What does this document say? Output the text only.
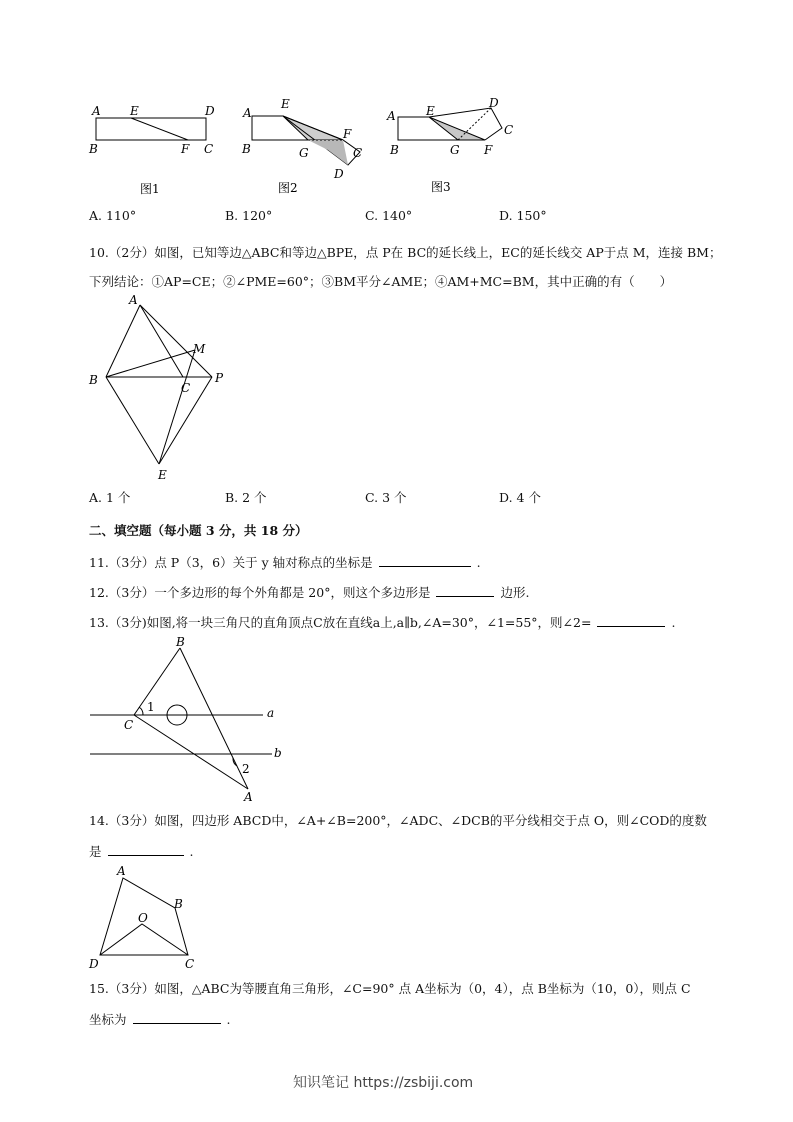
A E	D
B	F C
图1
A
E
F
B	G	C
D
图2
A	E
D
C
B	G F
图3
A. 110°	B. 120°	C. 140°	D. 150°
10.（2分）如图，已知等边△ABC和等边△BPE，点 P在 BC的延长线上，EC的延长线交 AP于点 M，连接 BM；
下列结论：①AP=CE；②∠PME=60°；③BM平分∠AME；④AM+MC=BM，其中正确的有（　　）
A
M
B
C
P
E
A. 1 个	B. 2 个	C. 3 个	D. 4 个
二、填空题（每小题 3 分，共 18 分）
11.（3分）点 P（3，6）关于 y 轴对称点的坐标是	.
12.（3分）一个多边形的每个外角都是 20°，则这个多边形是	边形.
13.（3分)如图,将一块三角尺的直角顶点C放在直线a上,a∥b,∠A=30°，∠1=55°，则∠2=	.
B
1
C
a
b
2
A
14.（3分）如图，四边形 ABCD中，∠A+∠B=200°，∠ADC、∠DCB的平分线相交于点 O，则∠COD的度数
是	.
A
B
O
D	C
15.（3分）如图，△ABC为等腰直角三角形，∠C=90° 点 A坐标为（0，4），点 B坐标为（10，0），则点 C
坐标为	.
知识笔记 https://zsbiji.com
